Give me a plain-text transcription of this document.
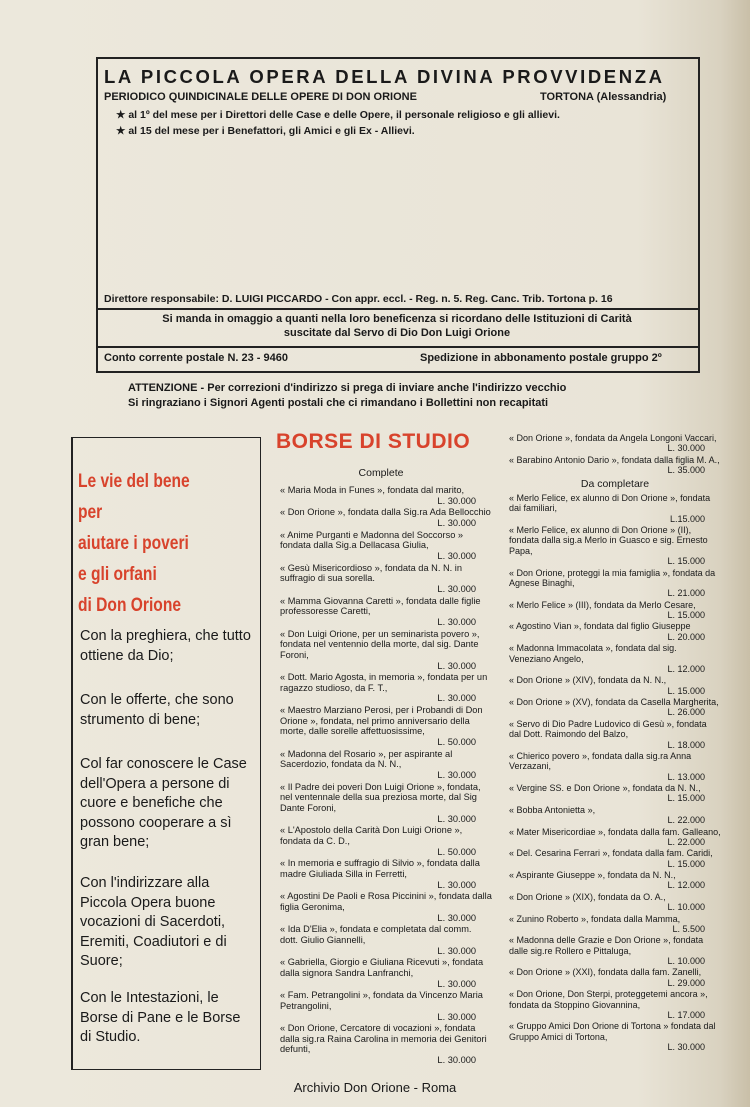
LA PICCOLA OPERA DELLA DIVINA PROVVIDENZA
PERIODICO QUINDICINALE DELLE OPERE DI DON ORIONE	TORTONA (Alessandria)
★ al 1º del mese per i Direttori delle Case e delle Opere, il personale religioso e gli allievi.
★ al 15 del mese per i Benefattori, gli Amici e gli Ex - Allievi.
Direttore responsabile: D. LUIGI PICCARDO - Con appr. eccl. - Reg. n. 5. Reg. Canc. Trib. Tortona p. 16
Si manda in omaggio a quanti nella loro beneficenza si ricordano delle Istituzioni di Carità
suscitate dal Servo di Dio Don Luigi Orione
Conto corrente postale N. 23 - 9460	Spedizione in abbonamento postale gruppo 2º
ATTENZIONE - Per correzioni d'indirizzo si prega di inviare anche l'indirizzo vecchio
Si ringraziano i Signori Agenti postali che ci rimandano i Bollettini non recapitati
Le vie del bene
per
aiutare i poveri
e gli orfani
di Don Orione
Con la preghiera, che tutto ottiene da Dio;
Con le offerte, che sono strumento di bene;
Col far conoscere le Case dell'Opera a persone di cuore e benefiche che possono cooperare a sì gran bene;
Con l'indirizzare alla Piccola Opera buone vocazioni di Sacerdoti, Eremiti, Coadiutori e di Suore;
Con le Intestazioni, le Borse di Pane e le Borse di Studio.
BORSE DI STUDIO
Complete
« Maria Moda in Funes », fondata dal marito,
L. 30.000
« Don Orione », fondata dalla Sig.ra Ada Bellocchio
L. 30.000
« Anime Purganti e Madonna del Soccorso » fondata dalla Sig.a Dellacasa Giulia,
L. 30.000
« Gesù Misericordioso », fondata da N. N. in suffragio di sua sorella.
L. 30.000
« Mamma Giovanna Caretti », fondata dalle figlie professoresse Caretti,
L. 30.000
« Don Luigi Orione, per un seminarista povero », fondata nel ventennio della morte, dal sig. Dante Foroni,
L. 30.000
« Dott. Mario Agosta, in memoria », fondata per un ragazzo studioso, da F. T.,
L. 30.000
« Maestro Marziano Perosi, per i Probandi di Don Orione », fondata, nel primo anniversario della morte, dalle sorelle affettuosissime,
L. 50.000
« Madonna del Rosario », per aspirante al Sacerdozio, fondata da N. N.,
L. 30.000
« Il Padre dei poveri Don Luigi Orione », fondata, nel ventennale della sua preziosa morte, dal Sig Dante Foroni,
L. 30.000
« L'Apostolo della Carità Don Luigi Orione », fondata da C. D.,
L. 50.000
« In memoria e suffragio di Silvio », fondata dalla madre Giuliada Silla in Ferretti,
L. 30.000
« Agostini De Paoli e Rosa Piccinini », fondata dalla figlia Geronima,
L. 30.000
« Ida D'Elia », fondata e completata dal comm. dott. Giulio Giannelli,
L. 30.000
« Gabriella, Giorgio e Giuliana Ricevuti », fondata dalla signora Sandra Lanfranchi,
L. 30.000
« Fam. Petrangolini », fondata da Vincenzo Maria Petrangolini,
L. 30.000
« Don Orione, Cercatore di vocazioni », fondata dalla sig.ra Raina Carolina in memoria dei Genitori defunti,
L. 30.000
« Don Orione », fondata da Angela Longoni Vaccari,
L. 30.000
« Barabino Antonio Dario », fondata dalla figlia M. A.,
L. 35.000
Da completare
« Merlo Felice, ex alunno di Don Orione », fondata dai familiari,
L.15.000
« Merlo Felice, ex alunno di Don Orione » (II), fondata dalla sig.a Merlo in Guasco e sig. Ernesto Papa,
L. 15.000
« Don Orione, proteggi la mia famiglia », fondata da Agnese Binaghi,
L. 21.000
« Merlo Felice » (III), fondata da Merlo Cesare,
L. 15.000
« Agostino Vian », fondata dal figlio Giuseppe
L. 20.000
« Madonna Immacolata », fondata dal sig. Veneziano Angelo,
L. 12.000
« Don Orione » (XIV), fondata da N. N.,
L. 15.000
« Don Orione » (XV), fondata da Casella Margherita,
L. 26.000
« Servo di Dio Padre Ludovico di Gesù », fondata dal Dott. Raimondo del Balzo,
L. 18.000
« Chierico povero », fondata dalla sig.ra Anna Verzazani,
L. 13.000
« Vergine SS. e Don Orione », fondata da N. N.,
L. 15.000
« Bobba Antonietta »,
L. 22.000
« Mater Misericordiae », fondata dalla fam. Galleano,
L. 22.000
« Del. Cesarina Ferrari », fondata dalla fam. Caridi,
L. 15.000
« Aspirante Giuseppe », fondata da N. N.,
L. 12.000
« Don Orione » (XIX), fondata da O. A.,
L. 10.000
« Zunino Roberto », fondata dalla Mamma,
L. 5.500
« Madonna delle Grazie e Don Orione », fondata dalle sig.re Rollero e Pittaluga,
L. 10.000
« Don Orione » (XXI), fondata dalla fam. Zanelli,
L. 29.000
« Don Orione, Don Sterpi, proteggetemi ancora », fondata da Stoppino Giovannina,
L. 17.000
« Gruppo Amici Don Orione di Tortona » fondata dal Gruppo Amici di Tortona,
L. 30.000
Archivio Don Orione - Roma
